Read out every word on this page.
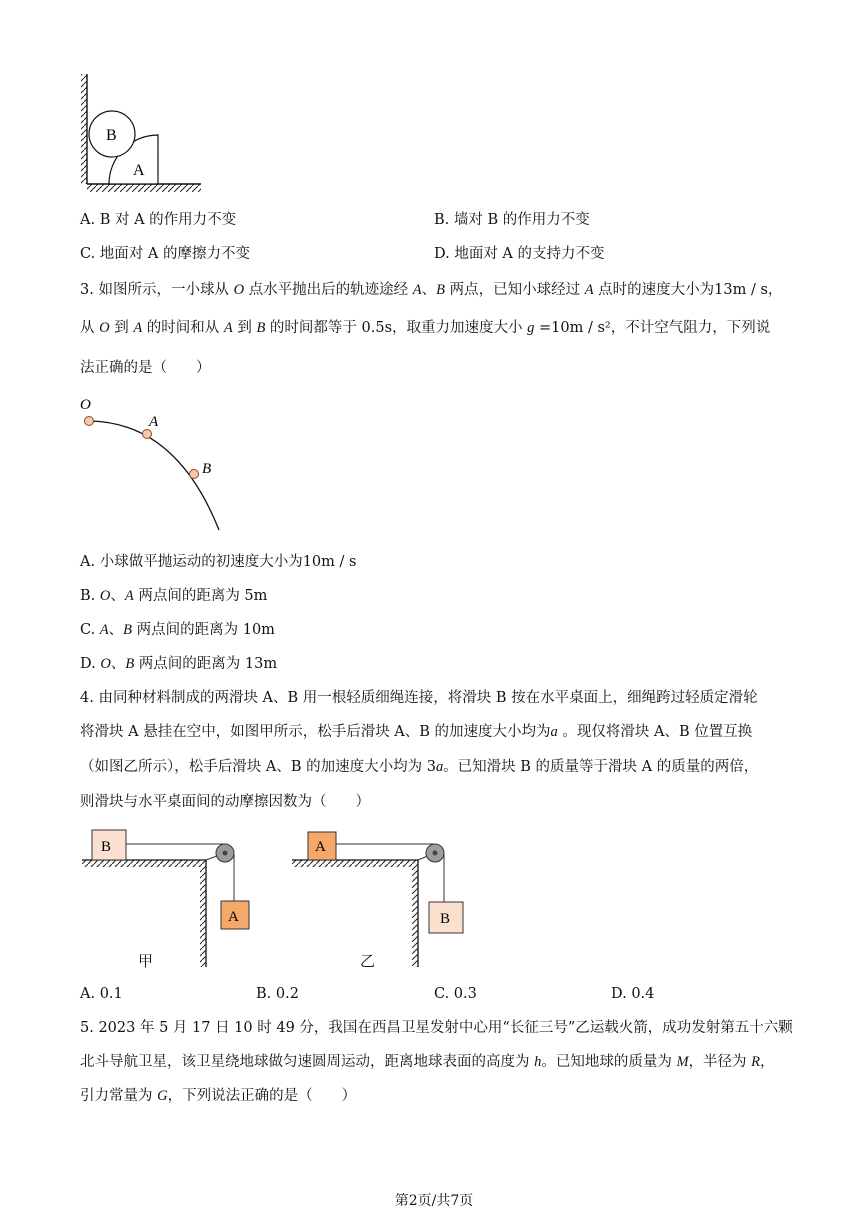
B
A
A. B 对 A 的作用力不变	B. 墙对 B 的作用力不变
C. 地面对 A 的摩擦力不变	D. 地面对 A 的支持力不变
3. 如图所示，一小球从 O 点水平抛出后的轨迹途经 A、B 两点，已知小球经过 A 点时的速度大小为13m / s，
从 O 到 A 的时间和从 A 到 B 的时间都等于 0.5s，取重力加速度大小 g =10m / s²，不计空气阻力，下列说
法正确的是（　　）
O
A
B
A. 小球做平抛运动的初速度大小为10m / s
B. O、A 两点间的距离为 5m
C. A、B 两点间的距离为 10m
D. O、B 两点间的距离为 13m
4. 由同种材料制成的两滑块 A、B 用一根轻质细绳连接，将滑块 B 按在水平桌面上，细绳跨过轻质定滑轮
将滑块 A 悬挂在空中，如图甲所示，松手后滑块 A、B 的加速度大小均为a 。现仅将滑块 A、B 位置互换
（如图乙所示），松手后滑块 A、B 的加速度大小均为 3a。已知滑块 B 的质量等于滑块 A 的质量的两倍，
则滑块与水平桌面间的动摩擦因数为（　　）
B
A
甲
A
B
乙
A. 0.1	B. 0.2	C. 0.3	D. 0.4
5. 2023 年 5 月 17 日 10 时 49 分，我国在西昌卫星发射中心用“长征三号”乙运载火箭，成功发射第五十六颗
北斗导航卫星，该卫星绕地球做匀速圆周运动，距离地球表面的高度为 h。已知地球的质量为 M，半径为 R，
引力常量为 G，下列说法正确的是（　　）
第2页/共7页
